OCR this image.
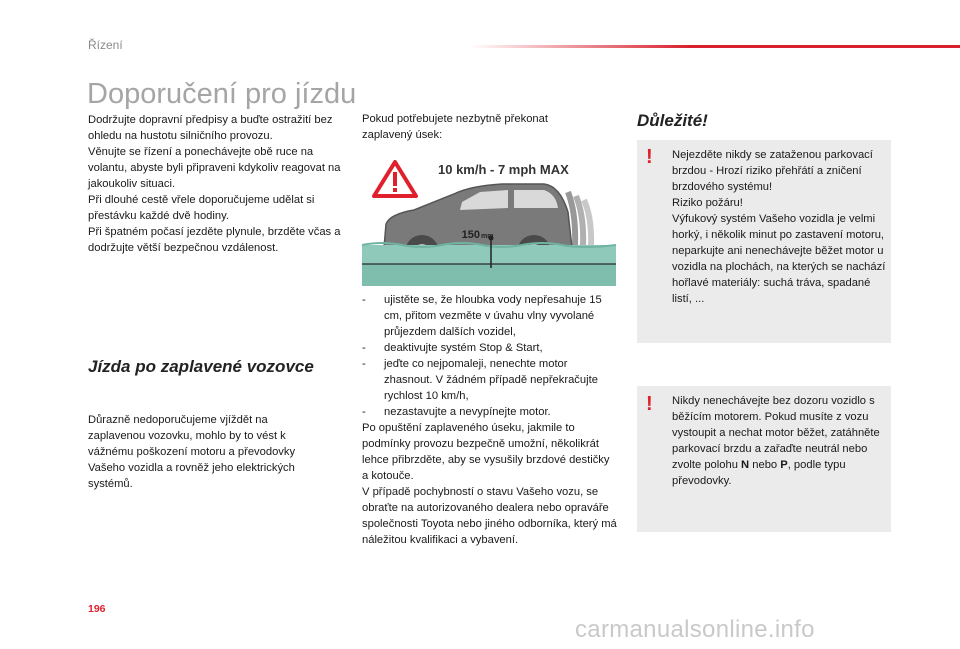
Řízení
Doporučení pro jízdu
Dodržujte dopravní předpisy a buďte ostražití bez ohledu na hustotu silničního provozu.
Věnujte se řízení a ponechávejte obě ruce na volantu, abyste byli připraveni kdykoliv reagovat na jakoukoliv situaci.
Při dlouhé cestě vřele doporučujeme udělat si přestávku každé dvě hodiny.
Při špatném počasí jezděte plynule, brzděte včas a dodržujte větší bezpečnou vzdálenost.
Jízda po zaplavené vozovce
Důrazně nedoporučujeme vjíždět na zaplavenou vozovku, mohlo by to vést k vážnému poškození motoru a převodovky Vašeho vozidla a rovněž jeho elektrických systémů.
Pokud potřebujete nezbytně překonat zaplavený úsek:
10 km/h - 7 mph MAX
150 mm
- ujistěte se, že hloubka vody nepřesahuje 15 cm, přitom vezměte v úvahu vlny vyvolané průjezdem dalších vozidel,
- deaktivujte systém Stop & Start,
- jeďte co nejpomaleji, nenechte motor zhasnout. V žádném případě nepřekračujte rychlost 10 km/h,
- nezastavujte a nevypínejte motor.

Po opuštění zaplaveného úseku, jakmile to podmínky provozu bezpečně umožní, několikrát lehce přibrzděte, aby se vysušily brzdové destičky a kotouče.
V případě pochybností o stavu Vašeho vozu, se obraťte na autorizovaného dealera nebo opraváře společnosti Toyota nebo jiného odborníka, který má náležitou kvalifikaci a vybavení.

Důležité!
! Nejezděte nikdy se zataženou parkovací brzdou - Hrozí riziko přehřátí a zničení brzdového systému!
Riziko požáru!
Výfukový systém Vašeho vozidla je velmi horký, i několik minut po zastavení motoru, neparkujte ani nenechávejte běžet motor u vozidla na plochách, na kterých se nachází hořlavé materiály: suchá tráva, spadané listí, ...
! Nikdy nenechávejte bez dozoru vozidlo s běžícím motorem. Pokud musíte z vozu vystoupit a nechat motor běžet, zatáhněte parkovací brzdu a zařaďte neutrál nebo zvolte polohu N nebo P, podle typu převodovky.
196
carmanualsonline.info
